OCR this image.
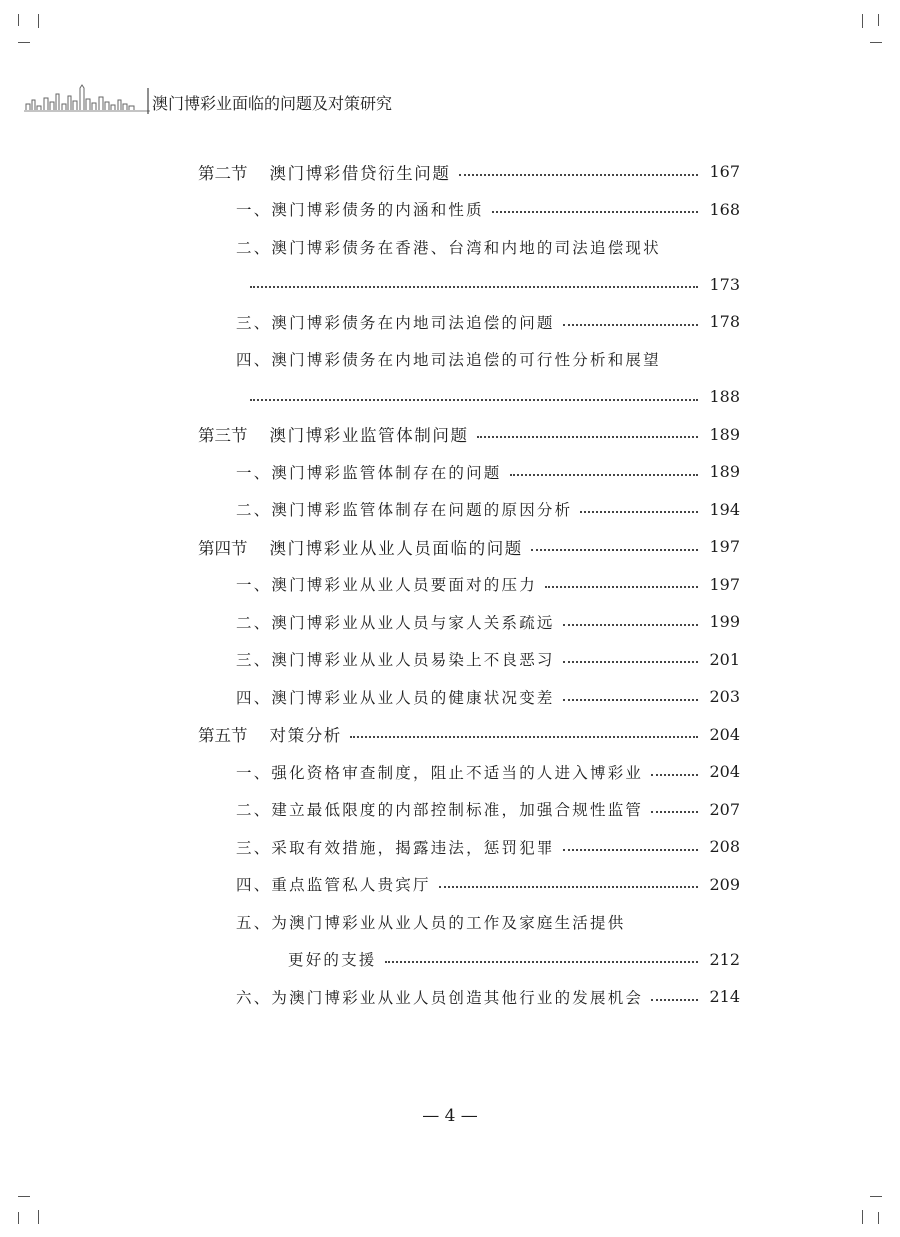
澳门博彩业面临的问题及对策研究
第二节 澳门博彩借贷衍生问题	167
一、澳门博彩债务的内涵和性质	168
二、澳门博彩债务在香港、台湾和内地的司法追偿现状
173
三、澳门博彩债务在内地司法追偿的问题	178
四、澳门博彩债务在内地司法追偿的可行性分析和展望
188
第三节 澳门博彩业监管体制问题	189
一、澳门博彩监管体制存在的问题	189
二、澳门博彩监管体制存在问题的原因分析	194
第四节 澳门博彩业从业人员面临的问题	197
一、澳门博彩业从业人员要面对的压力	197
二、澳门博彩业从业人员与家人关系疏远	199
三、澳门博彩业从业人员易染上不良恶习	201
四、澳门博彩业从业人员的健康状况变差	203
第五节 对策分析	204
一、强化资格审查制度，阻止不适当的人进入博彩业	204
二、建立最低限度的内部控制标准，加强合规性监管	207
三、采取有效措施，揭露违法，惩罚犯罪	208
四、重点监管私人贵宾厅	209
五、为澳门博彩业从业人员的工作及家庭生活提供
更好的支援	212
六、为澳门博彩业从业人员创造其他行业的发展机会	214
— 4 —
